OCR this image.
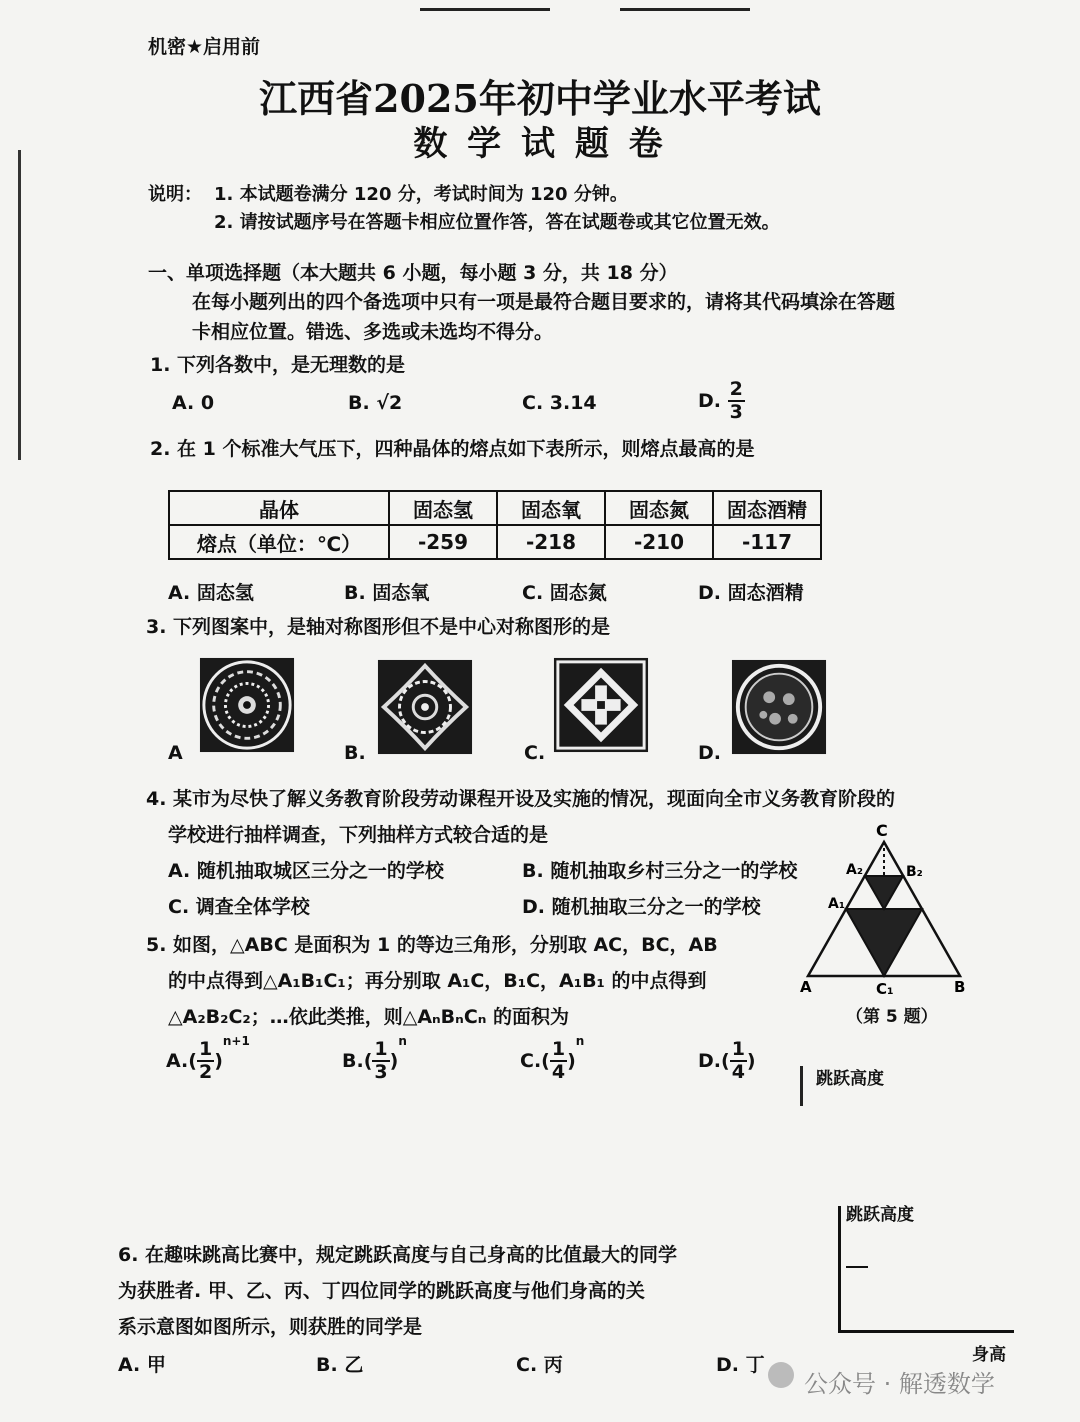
机密★启用前
江西省2025年初中学业水平考试
数 学 试 题 卷
说明： 1. 本试题卷满分 120 分，考试时间为 120 分钟。
2. 请按试题序号在答题卡相应位置作答，答在试题卷或其它位置无效。
一、单项选择题（本大题共 6 小题，每小题 3 分，共 18 分）
在每小题列出的四个备选项中只有一项是最符合题目要求的，请将其代码填涂在答题
卡相应位置。错选、多选或未选均不得分。
1. 下列各数中，是无理数的是
A. 0	B. √2	C. 3.14	D. $\frac{2}{3}$
2. 在 1 个标准大气压下，四种晶体的熔点如下表所示，则熔点最高的是
晶体	固态氢	固态氧	固态氮	固态酒精
熔点（单位：℃）	-259	-218	-210	-117
A. 固态氢	B. 固态氧	C. 固态氮	D. 固态酒精
3. 下列图案中，是轴对称图形但不是中心对称图形的是
A	B.	C.	D.
4. 某市为尽快了解义务教育阶段劳动课程开设及实施的情况，现面向全市义务教育阶段的
学校进行抽样调查，下列抽样方式较合适的是
A. 随机抽取城区三分之一的学校	B. 随机抽取乡村三分之一的学校
C. 调查全体学校	D. 随机抽取三分之一的学校
C
A₂	B₂
A₁
A	C₁	B
（第 5 题）
5. 如图，△ABC 是面积为 1 的等边三角形，分别取 AC，BC，AB
的中点得到△A₁B₁C₁；再分别取 A₁C，B₁C，A₁B₁ 的中点得到
△A₂B₂C₂；…依此类推，则△AₙBₙCₙ 的面积为
$A.( \frac{1}{2} )^{n+1}$
$B.( \frac{1}{3} )^n$
$C.( \frac{1}{4} )^n$
$D.( \frac{1}{4}$ )
跳跃高度
6. 在趣味跳高比赛中，规定跳跃高度与自己身高的比值最大的同学
为获胜者. 甲、乙、丙、丁四位同学的跳跃高度与他们身高的关
系示意图如图所示，则获胜的同学是
A. 甲	B. 乙	C. 丙	D. 丁
跳跃高度
身高
公众号 · 解透数学
